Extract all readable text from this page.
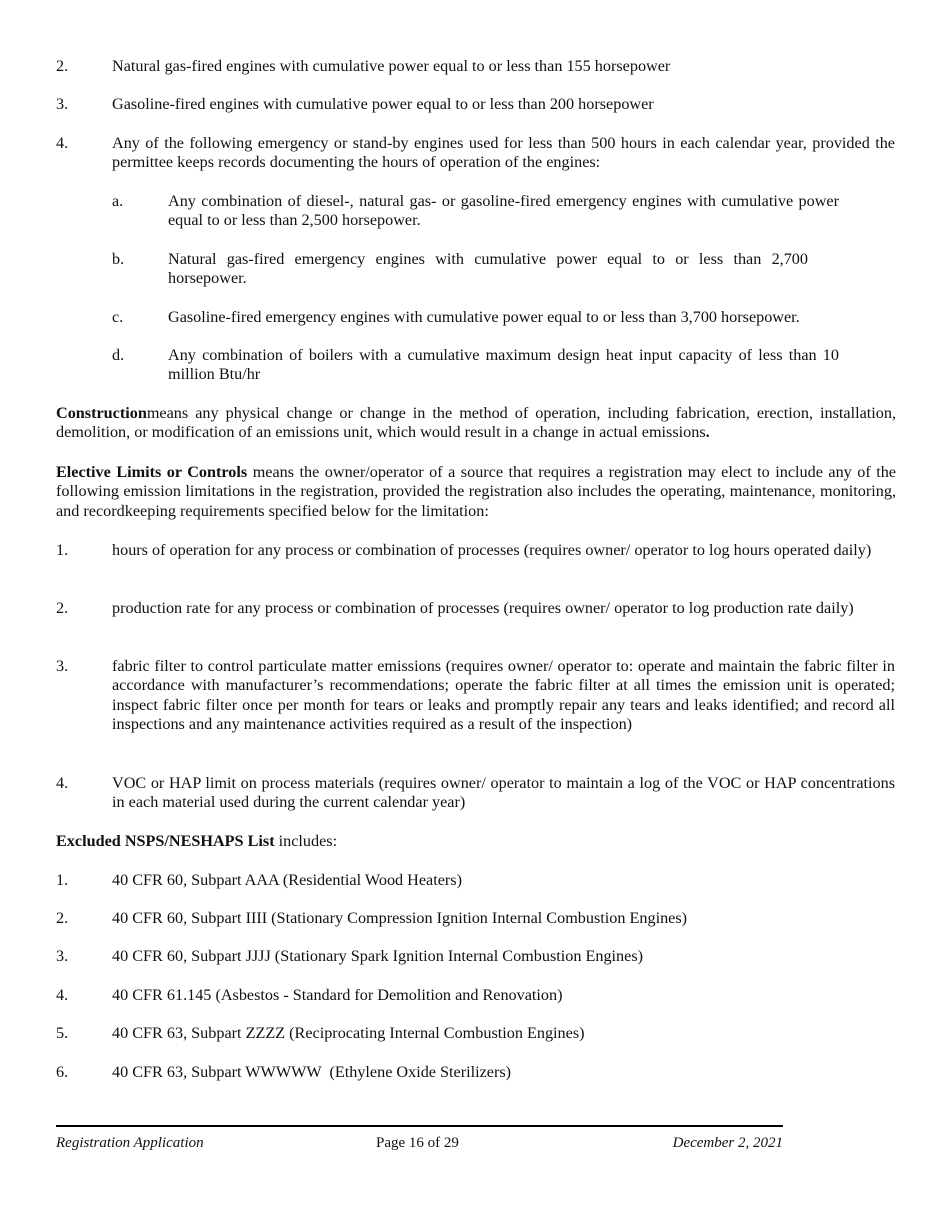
2.	Natural gas-fired engines with cumulative power equal to or less than 155 horsepower
3.	Gasoline-fired engines with cumulative power equal to or less than 200 horsepower
4.	Any of the following emergency or stand-by engines used for less than 500 hours in each calendar year, provided the permittee keeps records documenting the hours of operation of the engines:
a.	Any combination of diesel-, natural gas- or gasoline-fired emergency engines with cumulative power equal to or less than 2,500 horsepower.
b.	Natural gas-fired emergency engines with cumulative power equal to or less than 2,700 horsepower.
c.	Gasoline-fired emergency engines with cumulative power equal to or less than 3,700 horsepower.
d.	Any combination of boilers with a cumulative maximum design heat input capacity of less than 10 million Btu/hr
Constructionmeans any physical change or change in the method of operation, including fabrication, erection, installation, demolition, or modification of an emissions unit, which would result in a change in actual emissions.
Elective Limits or Controls means the owner/operator of a source that requires a registration may elect to include any of the following emission limitations in the registration, provided the registration also includes the operating, maintenance, monitoring, and recordkeeping requirements specified below for the limitation:
1.	hours of operation for any process or combination of processes (requires owner/ operator to log hours operated daily)
2.	production rate for any process or combination of processes (requires owner/ operator to log production rate daily)
3.	fabric filter to control particulate matter emissions (requires owner/ operator to: operate and maintain the fabric filter in accordance with manufacturer’s recommendations; operate the fabric filter at all times the emission unit is operated; inspect fabric filter once per month for tears or leaks and promptly repair any tears and leaks identified; and record all inspections and any maintenance activities required as a result of the inspection)
4.	VOC or HAP limit on process materials (requires owner/ operator to maintain a log of the VOC or HAP concentrations in each material used during the current calendar year)
Excluded NSPS/NESHAPS List includes:
1.	40 CFR 60, Subpart AAA (Residential Wood Heaters)
2.	40 CFR 60, Subpart IIII (Stationary Compression Ignition Internal Combustion Engines)
3.	40 CFR 60, Subpart JJJJ (Stationary Spark Ignition Internal Combustion Engines)
4.	40 CFR 61.145 (Asbestos - Standard for Demolition and Renovation)
5.	40 CFR 63, Subpart ZZZZ (Reciprocating Internal Combustion Engines)
6.	40 CFR 63, Subpart WWWWW  (Ethylene Oxide Sterilizers)
Registration Application	Page 16 of 29	December 2, 2021
